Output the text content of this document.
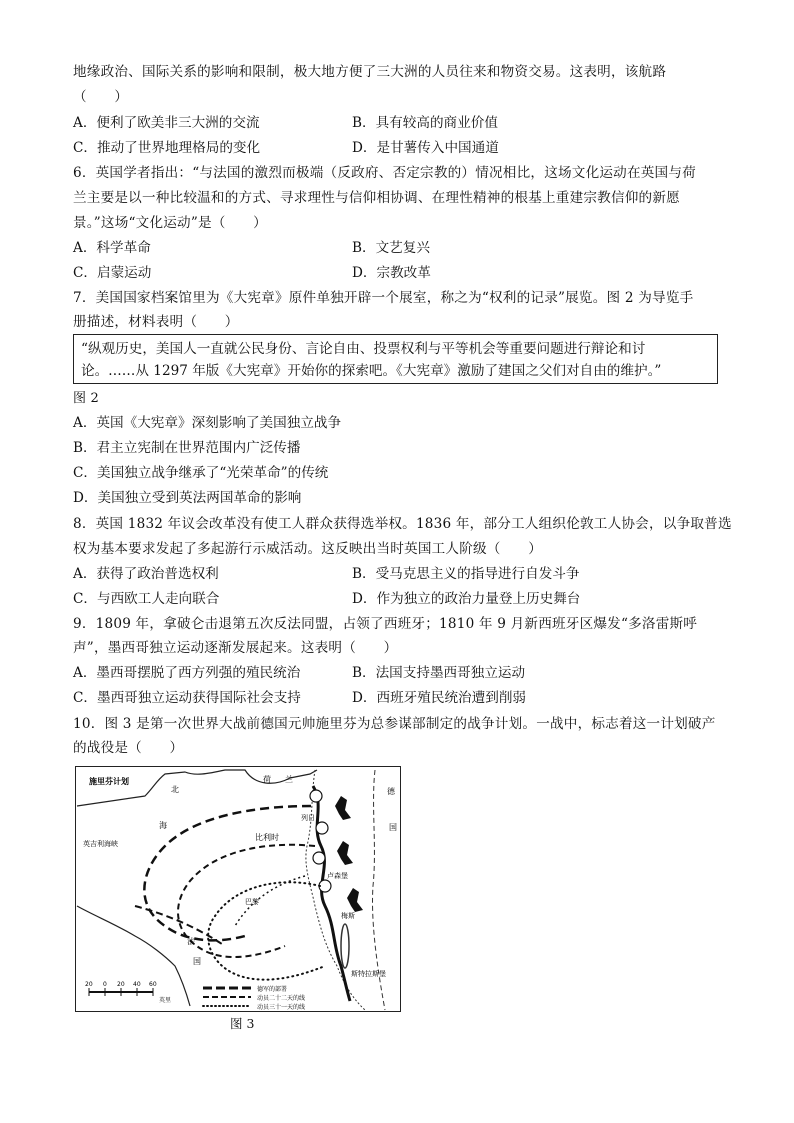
地缘政治、国际关系的影响和限制，极大地方便了三大洲的人员往来和物资交易。这表明，该航路
（　　）
A．便利了欧美非三大洲的交流	B．具有较高的商业价值
C．推动了世界地理格局的变化	D．是甘薯传入中国通道
6．英国学者指出：“与法国的激烈而极端（反政府、否定宗教的）情况相比，这场文化运动在英国与荷
兰主要是以一种比较温和的方式、寻求理性与信仰相协调、在理性精神的根基上重建宗教信仰的新愿
景。”这场“文化运动”是（　　）
A．科学革命	B．文艺复兴
C．启蒙运动	D．宗教改革
7．美国国家档案馆里为《大宪章》原件单独开辟一个展室，称之为“权利的记录”展览。图 2 为导览手
册描述，材料表明（　　）
“纵观历史，美国人一直就公民身份、言论自由、投票权利与平等机会等重要问题进行辩论和讨
论。……从 1297 年版《大宪章》开始你的探索吧。《大宪章》激励了建国之父们对自由的维护。”
图 2
A．英国《大宪章》深刻影响了美国独立战争
B．君主立宪制在世界范围内广泛传播
C．美国独立战争继承了“光荣革命”的传统
D．美国独立受到英法两国革命的影响
8．英国 1832 年议会改革没有使工人群众获得选举权。1836 年，部分工人组织伦敦工人协会，以争取普选
权为基本要求发起了多起游行示威活动。这反映出当时英国工人阶级（　　）
A．获得了政治普选权利	B．受马克思主义的指导进行自发斗争
C．与西欧工人走向联合	D．作为独立的政治力量登上历史舞台
9．1809 年，拿破仑击退第五次反法同盟，占领了西班牙；1810 年 9 月新西班牙区爆发“多洛雷斯呼
声”，墨西哥独立运动逐渐发展起来。这表明（　　）
A．墨西哥摆脱了西方列强的殖民统治	B．法国支持墨西哥独立运动
C．墨西哥独立运动获得国际社会支持	D．西班牙殖民统治遭到削弱
10．图 3 是第一次世界大战前德国元帅施里芬为总参谋部制定的战争计划。一战中，标志着这一计划破产
的战役是（　　）
施里芬计划
北
海
荷 兰
德
国
比利时
英吉利海峡
巴黎
法
国
列日
卢森堡
梅斯
斯特拉斯堡
20 0 20 40 60
英里
德军的部署
动员二十二天的线
动员三十一天的线
图 3
